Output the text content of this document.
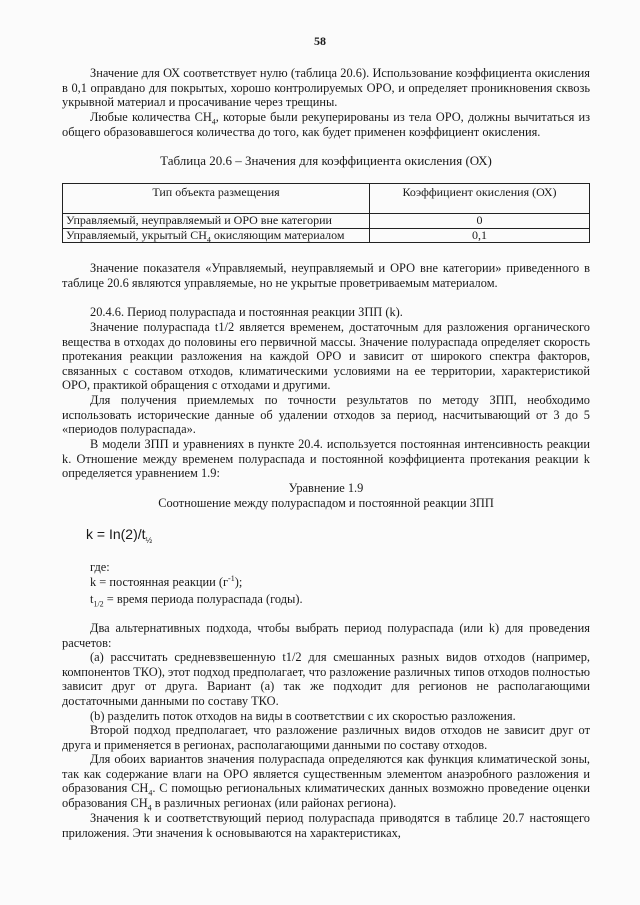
58

Значение для ОХ соответствует нулю (таблица 20.6). Использование коэффициента окисления в 0,1 оправдано для покрытых, хорошо контролируемых ОРО, и определяет проникновения сквозь укрывной материал и просачивание через трещины.

Любые количества $СН_4$, которые были рекуперированы из тела ОРО, должны вычитаться из общего образовавшегося количества до того, как будет применен коэффициент окисления.

Таблица 20.6 – Значения для коэффициента окисления (ОХ)

Тип объекта размещения	Коэффициент окисления (ОХ)
Управляемый, неуправляемый и ОРО вне категории	0
Управляемый, укрытый $СН_4$ окисляющим материалом	0,1

Значение показателя «Управляемый, неуправляемый и ОРО вне категории» приведенного в таблице 20.6 являются управляемые, но не укрытые проветриваемым материалом.

20.4.6. Период полураспада и постоянная реакции ЗПП (k).

Значение полураспада t1/2 является временем, достаточным для разложения органического вещества в отходах до половины его первичной массы. Значение полураспада определяет скорость протекания реакции разложения на каждой ОРО и зависит от широкого спектра факторов, связанных с составом отходов, климатическими условиями на ее территории, характеристикой ОРО, практикой обращения с отходами и другими.

Для получения приемлемых по точности результатов по методу ЗПП, необходимо использовать исторические данные об удалении отходов за период, насчитывающий от 3 до 5 «периодов полураспада».

В модели ЗПП и уравнениях в пункте 20.4. используется постоянная интенсивность реакции k. Отношение между временем полураспада и постоянной коэффициента протекания реакции k определяется уравнением 1.9:

Уравнение 1.9

Соотношение между полураспадом и постоянной реакции ЗПП

$k = In(2)/t_{\frac{1}{2}}$

где:

k = постоянная реакции $(г^{-1})$;

$t_{1/2}$ = время периода полураспада (годы).

Два альтернативных подхода, чтобы выбрать период полураспада (или k) для проведения расчетов:

(а) рассчитать средневзвешенную t1/2 для смешанных разных видов отходов (например, компонентов ТКО), этот подход предполагает, что разложение различных типов отходов полностью зависит друг от друга. Вариант (а) так же подходит для регионов не располагающими достаточными данными по составу ТКО.

(b) разделить поток отходов на виды в соответствии с их скоростью разложения.

Второй подход предполагает, что разложение различных видов отходов не зависит друг от друга и применяется в регионах, располагающими данными по составу отходов.

Для обоих вариантов значения полураспада определяются как функция климатической зоны, так как содержание влаги на ОРО является существенным элементом анаэробного разложения и образования $СН_4$. С помощью региональных климатических данных возможно проведение оценки образования $СН_4$ в различных регионах (или районах региона).

Значения k и соответствующий период полураспада приводятся в таблице 20.7 настоящего приложения. Эти значения k основываются на характеристиках,
